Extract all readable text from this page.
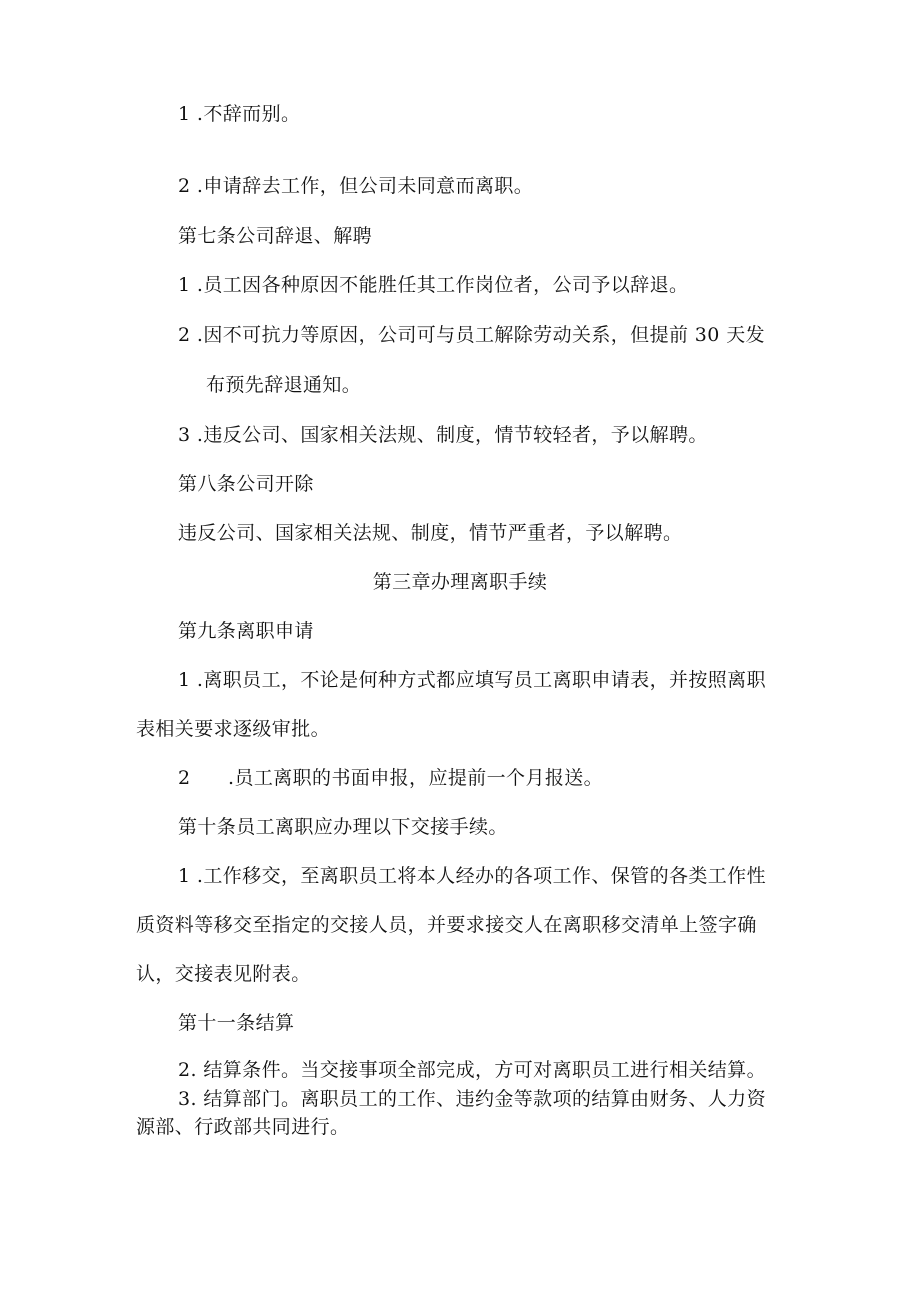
1 .不辞而别。
2 .申请辞去工作，但公司未同意而离职。
第七条公司辞退、解聘
1 .员工因各种原因不能胜任其工作岗位者，公司予以辞退。
2 .因不可抗力等原因，公司可与员工解除劳动关系，但提前 30 天发
布预先辞退通知。
3 .违反公司、国家相关法规、制度，情节较轻者，予以解聘。
第八条公司开除
违反公司、国家相关法规、制度，情节严重者，予以解聘。
第三章办理离职手续
第九条离职申请
1 .离职员工，不论是何种方式都应填写员工离职申请表，并按照离职
表相关要求逐级审批。
2 .员工离职的书面申报，应提前一个月报送。
第十条员工离职应办理以下交接手续。
1 .工作移交，至离职员工将本人经办的各项工作、保管的各类工作性
质资料等移交至指定的交接人员，并要求接交人在离职移交清单上签字确
认，交接表见附表。
第十一条结算
2. 结算条件。当交接事项全部完成，方可对离职员工进行相关结算。
3. 结算部门。离职员工的工作、违约金等款项的结算由财务、人力资
源部、行政部共同进行。
